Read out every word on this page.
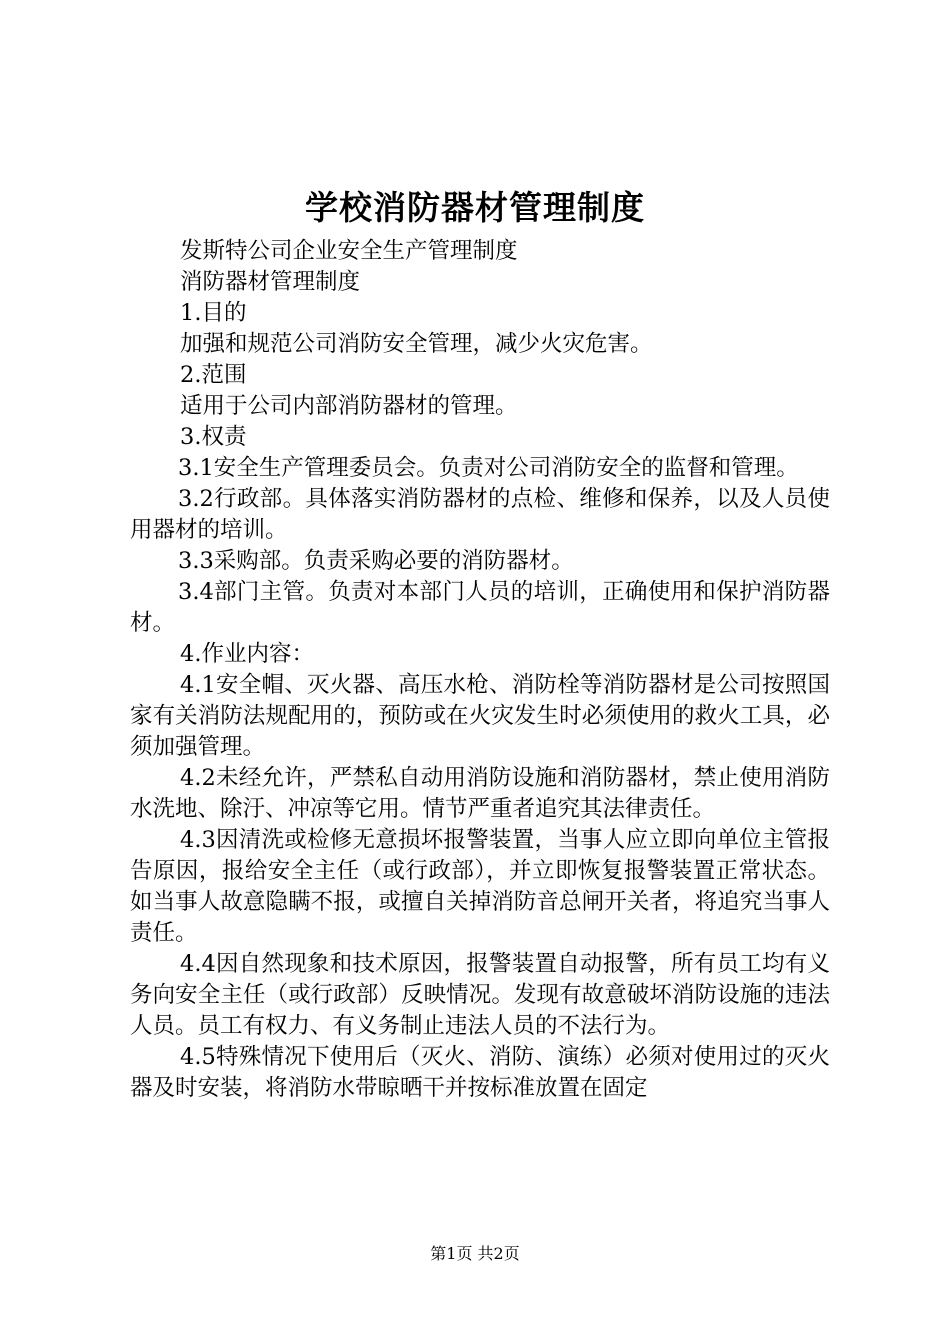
学校消防器材管理制度

发斯特公司企业安全生产管理制度

消防器材管理制度

1.目的

加强和规范公司消防安全管理，减少火灾危害。

2.范围

适用于公司内部消防器材的管理。

3.权责

3.1安全生产管理委员会。负责对公司消防安全的监督和管理。

3.2行政部。具体落实消防器材的点检、维修和保养，以及人员使用器材的培训。

3.3采购部。负责采购必要的消防器材。

3.4部门主管。负责对本部门人员的培训，正确使用和保护消防器材。

4.作业内容：

4.1安全帽、灭火器、高压水枪、消防栓等消防器材是公司按照国家有关消防法规配用的，预防或在火灾发生时必须使用的救火工具，必须加强管理。

4.2未经允许，严禁私自动用消防设施和消防器材，禁止使用消防水洗地、除汙、冲凉等它用。情节严重者追究其法律责任。

4.3因清洗或检修无意损坏报警装置，当事人应立即向单位主管报告原因，报给安全主任（或行政部），并立即恢复报警装置正常状态。如当事人故意隐瞒不报，或擅自关掉消防音总闸开关者，将追究当事人责任。

4.4因自然现象和技术原因，报警装置自动报警，所有员工均有义务向安全主任（或行政部）反映情况。发现有故意破坏消防设施的违法人员。员工有权力、有义务制止违法人员的不法行为。

4.5特殊情况下使用后（灭火、消防、演练）必须对使用过的灭火器及时安装，将消防水带晾晒干并按标准放置在固定

第1页 共2页
